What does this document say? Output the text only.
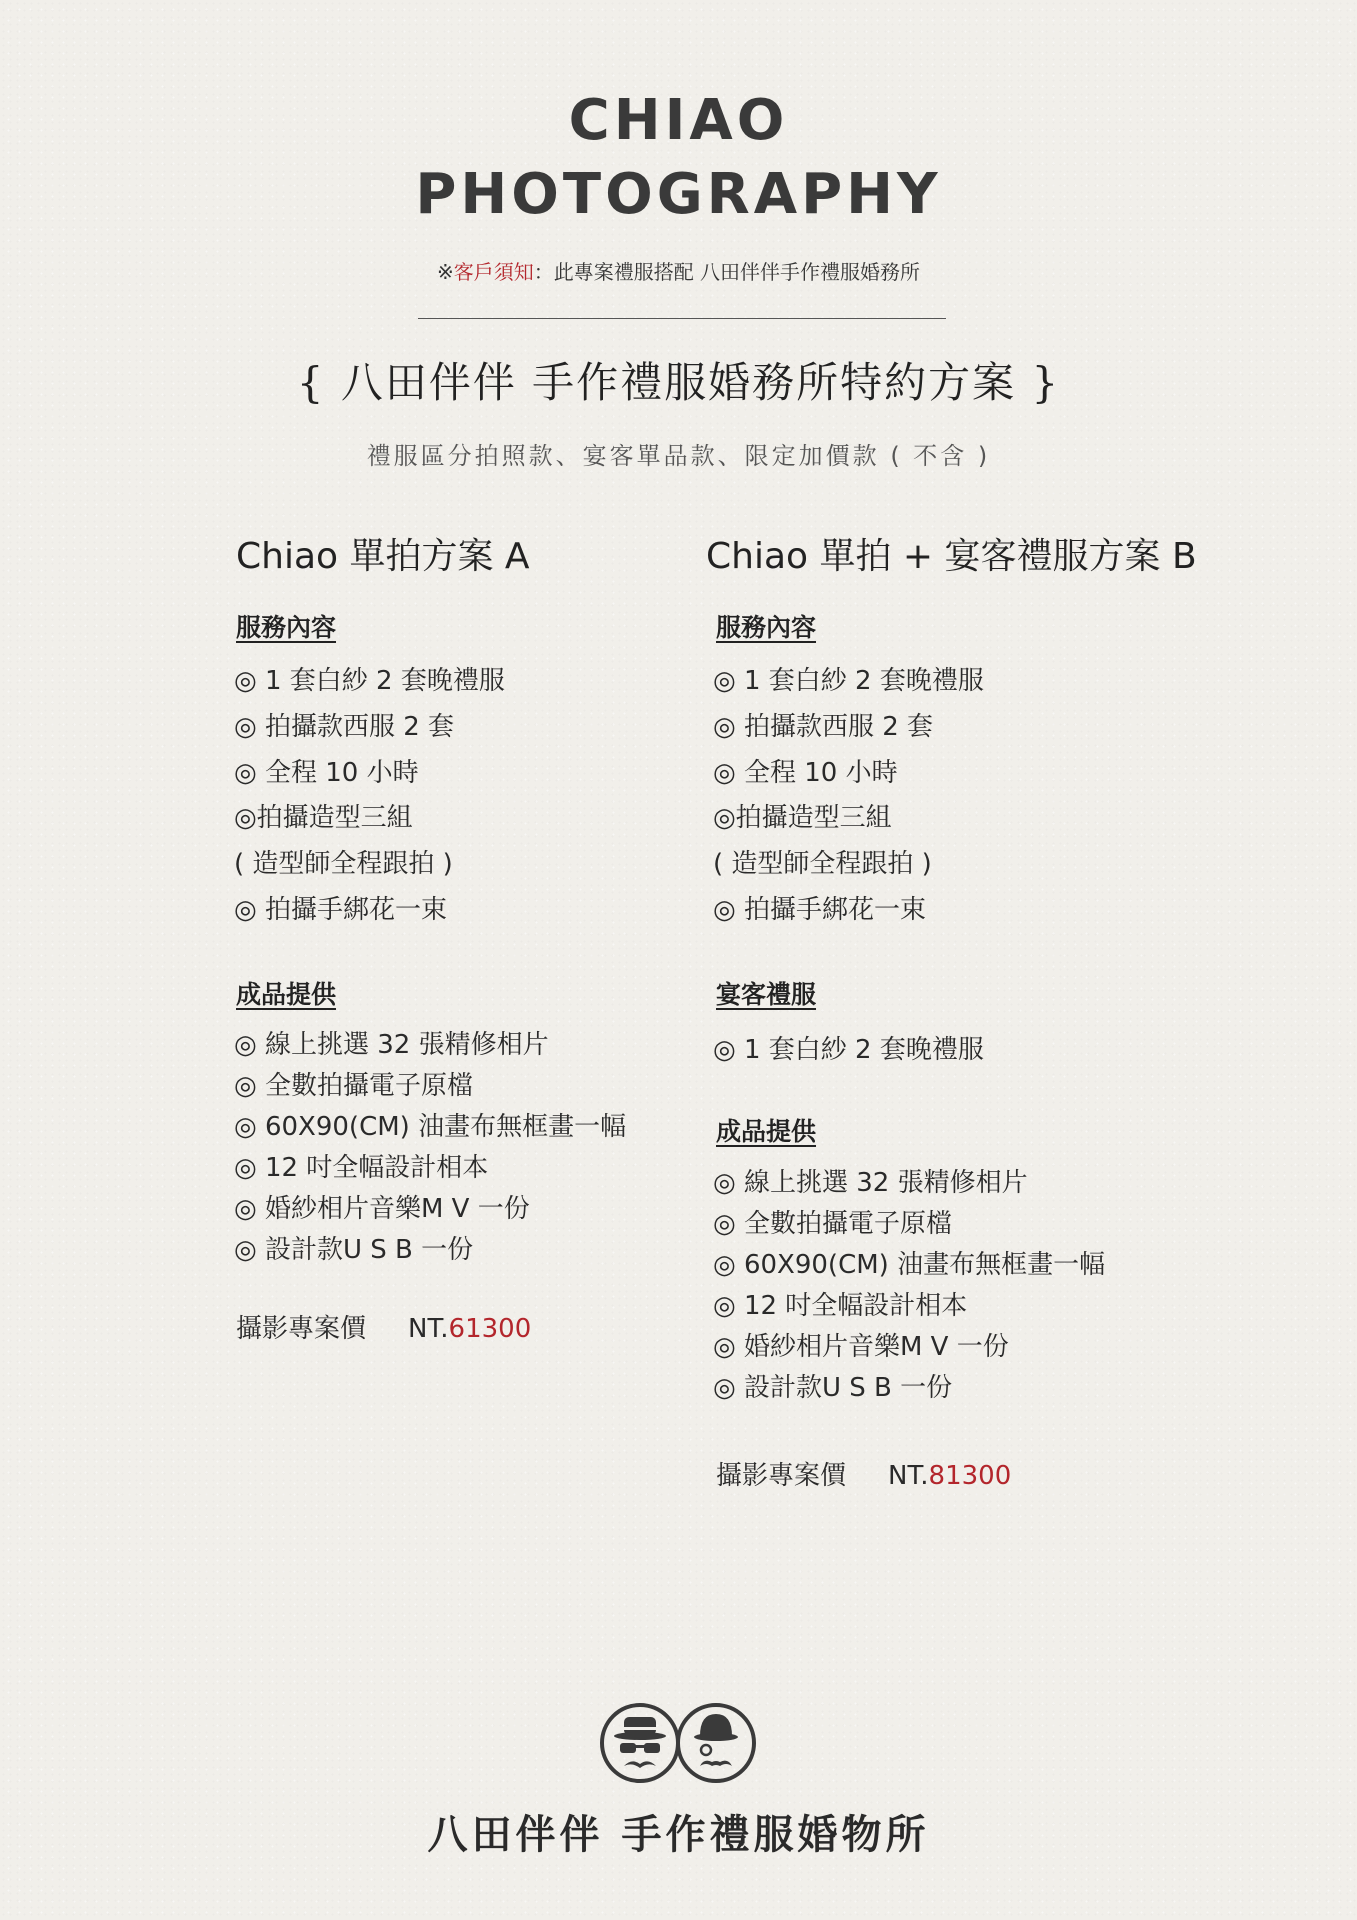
CHIAO
PHOTOGRAPHY
※客戶須知：此專案禮服搭配 八田伴伴手作禮服婚務所
{ 八田伴伴 手作禮服婚務所特約方案 }
禮服區分拍照款、宴客單品款、限定加價款 ( 不含 )
Chiao 單拍方案 A
服務內容
◎ 1 套白紗 2 套晚禮服
◎ 拍攝款西服 2 套
◎ 全程 10 小時
◎拍攝造型三組
( 造型師全程跟拍 )
◎ 拍攝手綁花一束
成品提供
◎ 線上挑選 32 張精修相片
◎ 全數拍攝電子原檔
◎ 60X90(CM) 油畫布無框畫一幅
◎ 12 吋全幅設計相本
◎ 婚紗相片音樂M V 一份
◎ 設計款U S B 一份
攝影專案價 NT.61300
Chiao 單拍 + 宴客禮服方案 B
服務內容
◎ 1 套白紗 2 套晚禮服
◎ 拍攝款西服 2 套
◎ 全程 10 小時
◎拍攝造型三組
( 造型師全程跟拍 )
◎ 拍攝手綁花一束
宴客禮服
◎ 1 套白紗 2 套晚禮服
成品提供
◎ 線上挑選 32 張精修相片
◎ 全數拍攝電子原檔
◎ 60X90(CM) 油畫布無框畫一幅
◎ 12 吋全幅設計相本
◎ 婚紗相片音樂M V 一份
◎ 設計款U S B 一份
攝影專案價 NT.81300
八田伴伴 手作禮服婚物所
